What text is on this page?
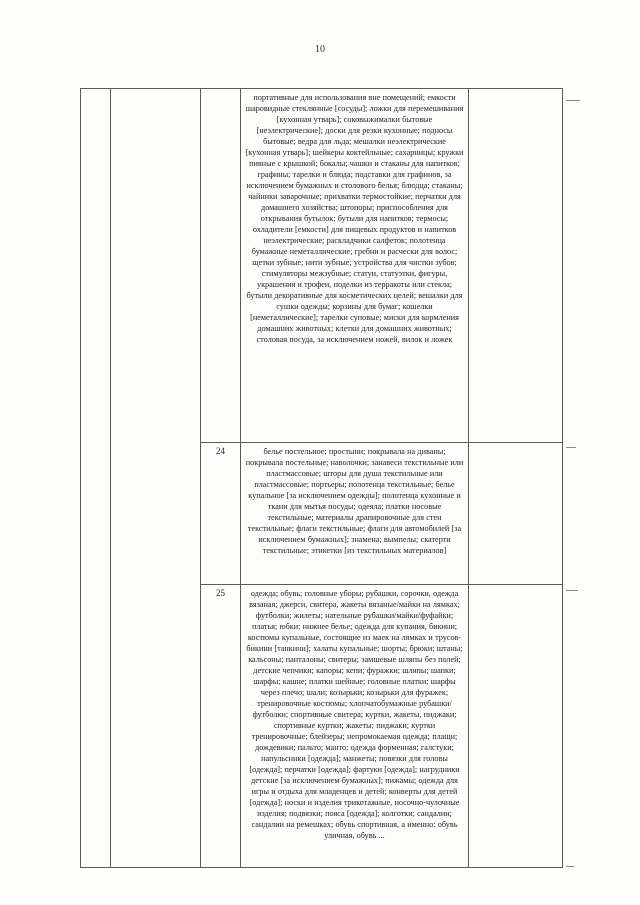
10
портативные для использования вне помещений; емкости шаровидные стеклянные [сосуды]; ложки для перемешивания [кухонная утварь]; соковыжималки бытовые [неэлектрические]; доски для резки кухонные; подносы бытовые; ведра для льда; мешалки неэлектрические [кухонная утварь]; шейкеры коктейльные; сахарницы; кружки пивные с крышкой; бокалы; чашки и стаканы для напитков; графины; тарелки и блюда; подставки для графинов, за исключением бумажных и столового белья; блюдца; стаканы; чайники заварочные; прихватки термостойкие; перчатки для домашнего хозяйства; штопоры; приспособления для открывания бутылок; бутыли для напитков; термосы; охладители [емкости] для пищевых продуктов и напитков неэлектрические; раскладчики салфеток; полотенца бумажные неметаллические; гребни и расчески для волос; щетки зубные; нити зубные; устройства для чистки зубов; стимуляторы межзубные; статуи, статуэтки, фигуры, украшения и трофеи, поделки из терракоты или стекла; бутыли декоративные для косметических целей; вешалки для сушки одежды; корзины для бумаг; кошелки [неметаллические]; тарелки суповые; миски для кормления домашних животных; клетки для домашних животных; столовая посуда, за исключением ножей, вилок и ложек
24	белье постельное; простыни; покрывала на диваны; покрывала постельные; наволочки; занавеси текстильные или пластмассовые; шторы для душа текстильные или пластмассовые; портьеры; полотенца текстильные; белье купальное [за исключением одежды]; полотенца кухонные и ткани для мытья посуды; одеяла; платки носовые текстильные; материалы драпировочные для стен текстильные; флаги текстильные; флаги для автомобилей [за исключением бумажных]; знамена; вымпелы; скатерти текстильные; этикетки [из текстильных материалов]
25	одежда; обувь; головные уборы; рубашки, сорочки, одежда вязаная; джерси, свитера, жакеты вязаные/майки на лямках; футболки; жилеты; нательные рубашки/майки/фуфайки; платья; юбки; нижнее белье; одежда для купания, бикини; костюмы купальные, состоящие из маек на лямках и трусов-бикини [танкини]; халаты купальные; шорты; брюки; штаны; кальсоны; панталоны; свитеры; замшевые шляпы без полей; детские чепчики; капоры; кепи; фуражки; шляпы; шапки; шарфы; кашне; платки шейные; головные платки; шарфы через плечо; шали; козырьки; козырьки для фуражек; тренировочные костюмы; хлопчатобумажные рубашки/футболки; спортивные свитера; куртки, жакеты, пиджаки; спортивные куртки; жакеты; пиджаки; куртки тренировочные; блейзеры; непромокаемая одежда; плащи; дождевики; пальто; манто; одежда форменная; галстуки; напульсники [одежда]; манжеты; повязки для головы [одежда]; перчатки [одежда]; фартуки [одежда]; нагрудники детские [за исключением бумажных]; пижамы; одежда для игры и отдыха для младенцев и детей; конверты для детей [одежда]; носки и изделия трикотажные, носочно-чулочные изделия; подвязки; пояса [одежда]; колготки; сандалии; сандалии на ремешках; обувь спортивная, а именно: обувь уличная, обувь ...
